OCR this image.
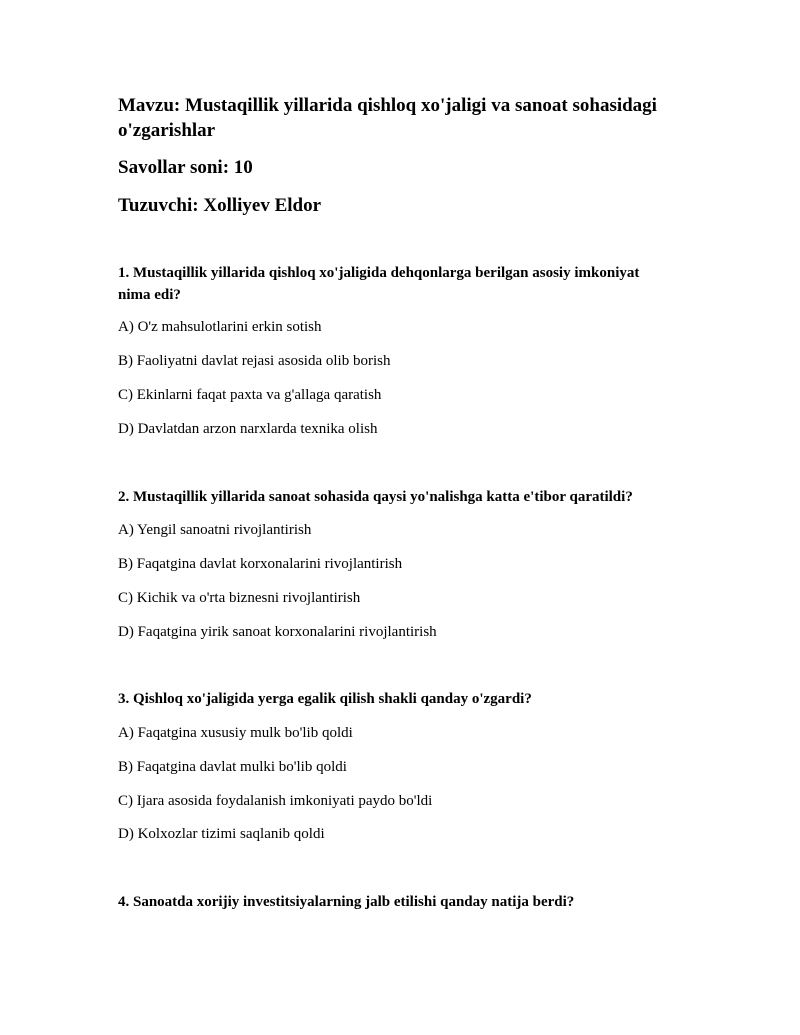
Mavzu: Mustaqillik yillarida qishloq xo'jaligi va sanoat sohasidagi
o'zgarishlar
Savollar soni: 10
Tuzuvchi: Xolliyev Eldor
1. Mustaqillik yillarida qishloq xo'jaligida dehqonlarga berilgan asosiy imkoniyat
nima edi?
A) O'z mahsulotlarini erkin sotish
B) Faoliyatni davlat rejasi asosida olib borish
C) Ekinlarni faqat paxta va g'allaga qaratish
D) Davlatdan arzon narxlarda texnika olish
2. Mustaqillik yillarida sanoat sohasida qaysi yo'nalishga katta e'tibor qaratildi?
A) Yengil sanoatni rivojlantirish
B) Faqatgina davlat korxonalarini rivojlantirish
C) Kichik va o'rta biznesni rivojlantirish
D) Faqatgina yirik sanoat korxonalarini rivojlantirish
3. Qishloq xo'jaligida yerga egalik qilish shakli qanday o'zgardi?
A) Faqatgina xususiy mulk bo'lib qoldi
B) Faqatgina davlat mulki bo'lib qoldi
C) Ijara asosida foydalanish imkoniyati paydo bo'ldi
D) Kolxozlar tizimi saqlanib qoldi
4. Sanoatda xorijiy investitsiyalarning jalb etilishi qanday natija berdi?
